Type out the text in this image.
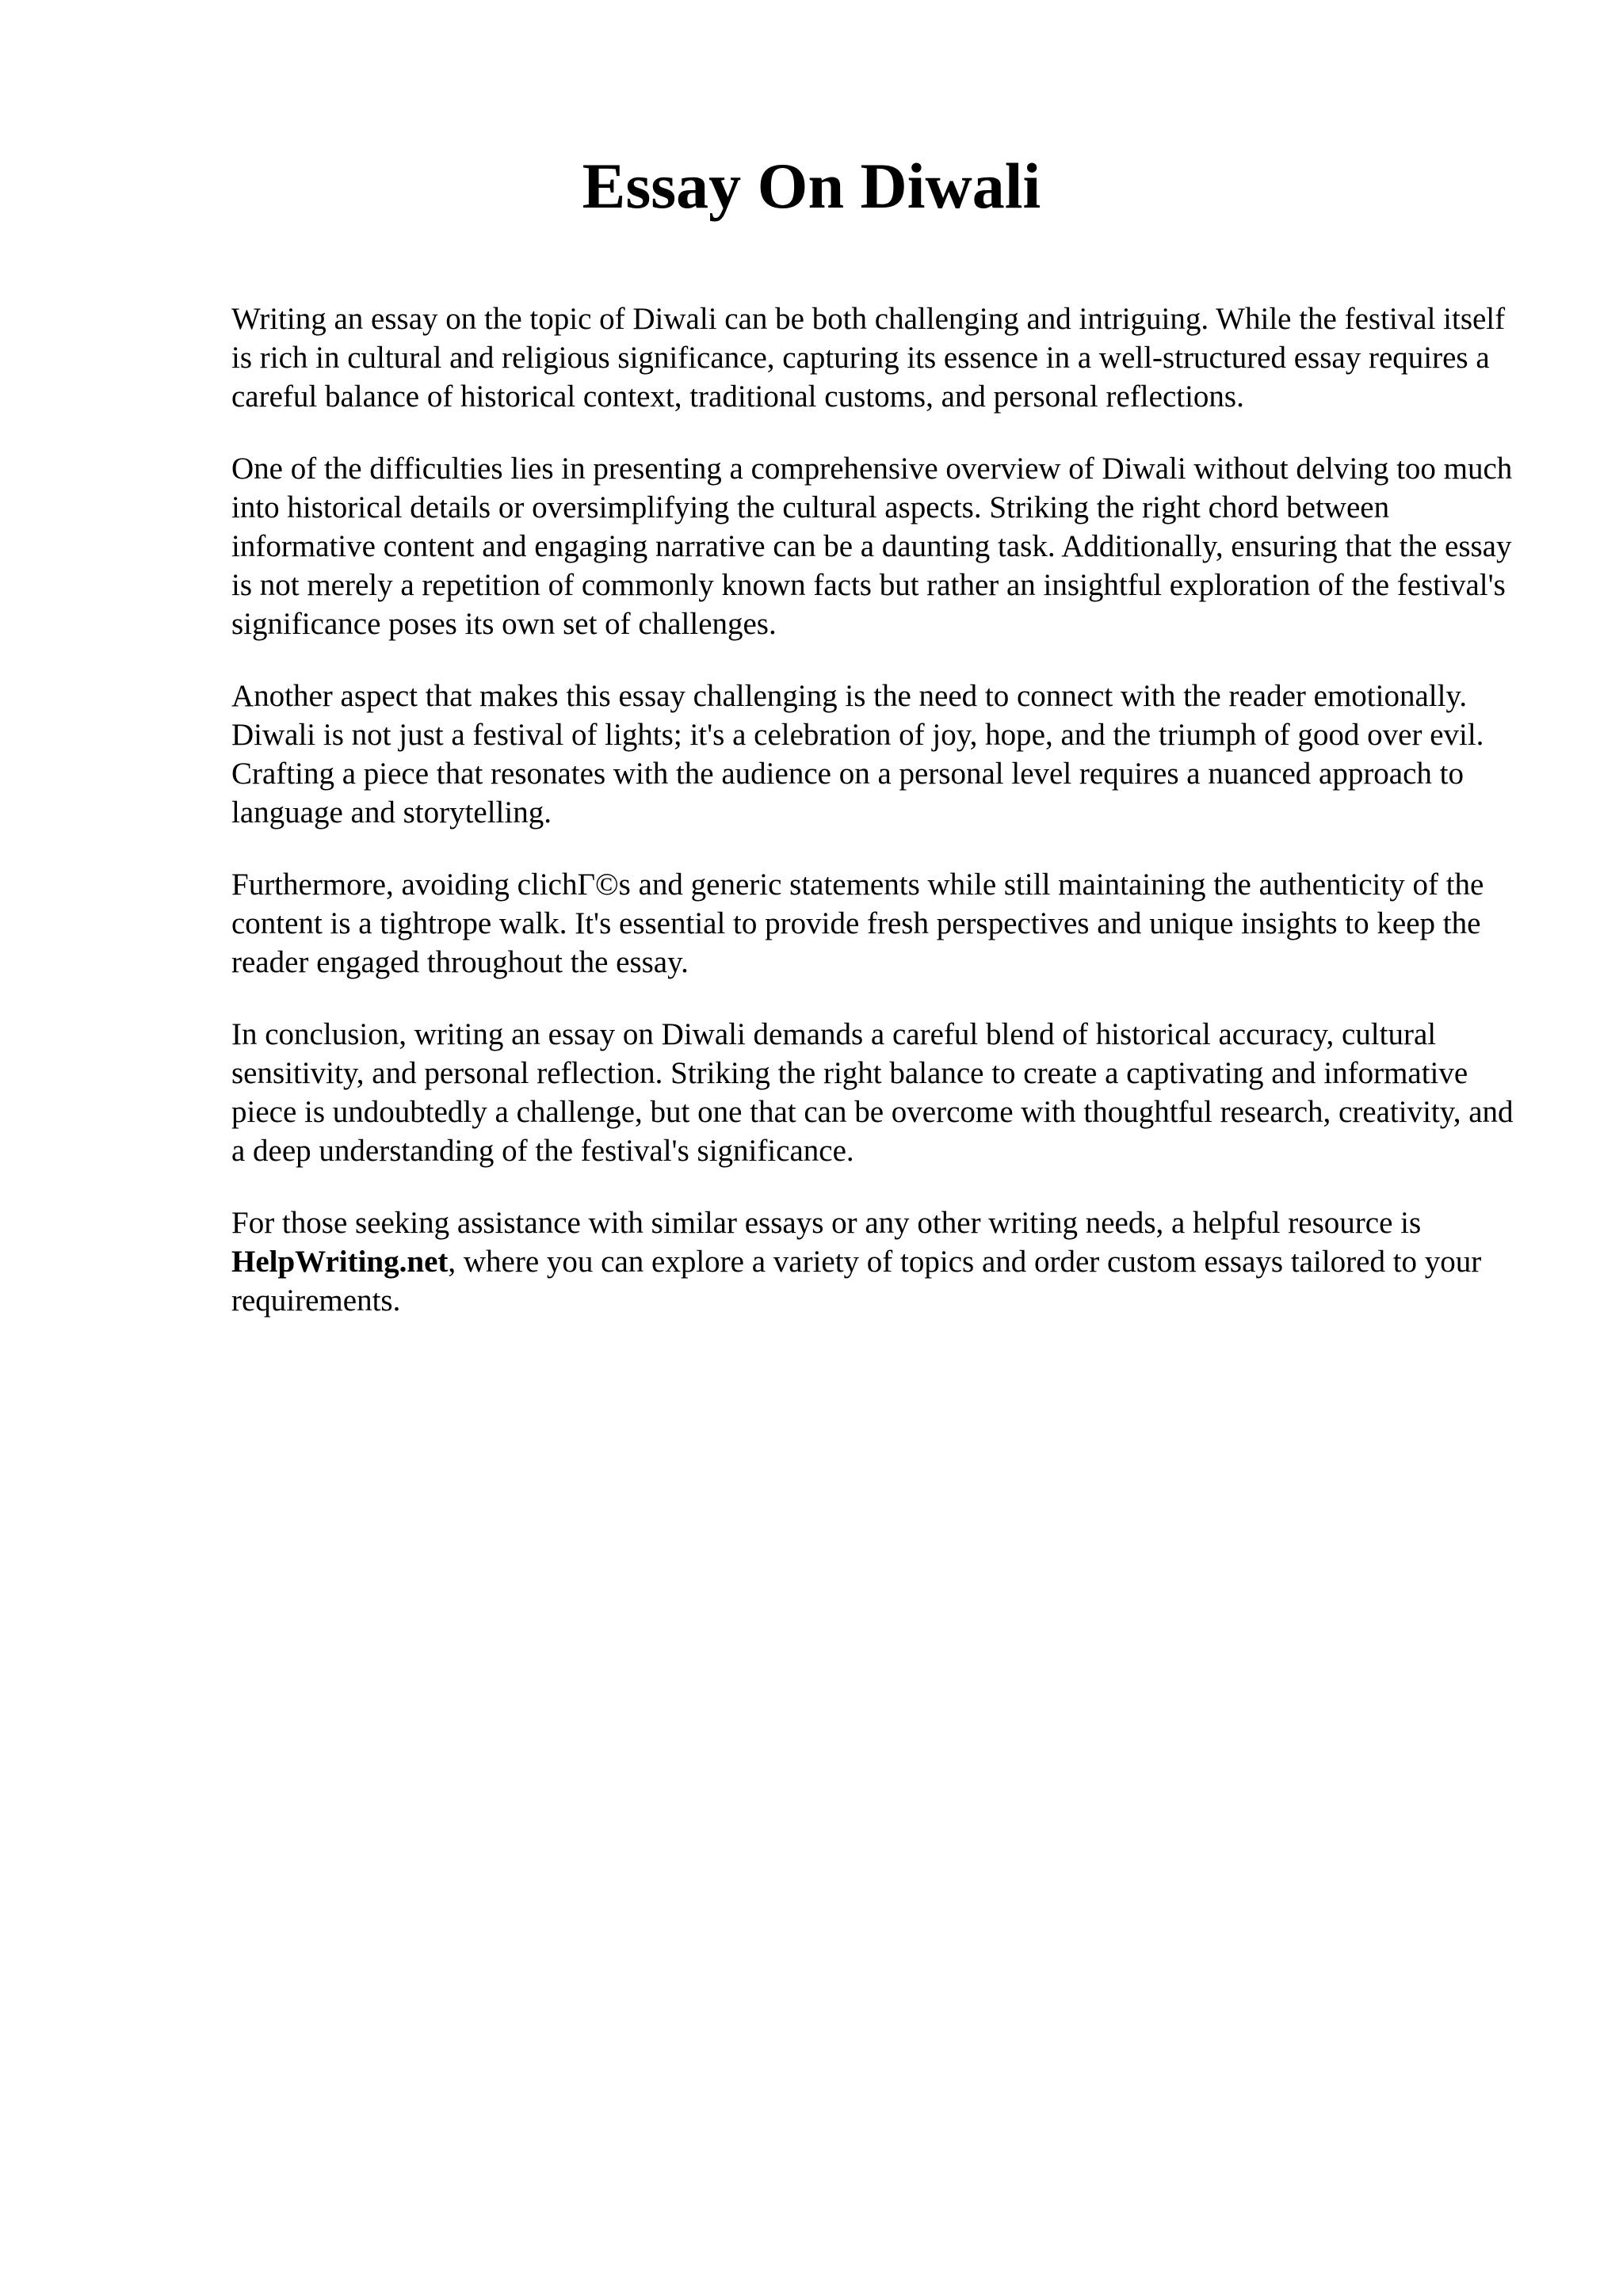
Essay On Diwali

Writing an essay on the topic of Diwali can be both challenging and intriguing. While the festival itself is rich in cultural and religious significance, capturing its essence in a well-structured essay requires a careful balance of historical context, traditional customs, and personal reflections.

One of the difficulties lies in presenting a comprehensive overview of Diwali without delving too much into historical details or oversimplifying the cultural aspects. Striking the right chord between informative content and engaging narrative can be a daunting task. Additionally, ensuring that the essay is not merely a repetition of commonly known facts but rather an insightful exploration of the festival's significance poses its own set of challenges.

Another aspect that makes this essay challenging is the need to connect with the reader emotionally. Diwali is not just a festival of lights; it's a celebration of joy, hope, and the triumph of good over evil. Crafting a piece that resonates with the audience on a personal level requires a nuanced approach to language and storytelling.

Furthermore, avoiding clichΓ©s and generic statements while still maintaining the authenticity of the content is a tightrope walk. It's essential to provide fresh perspectives and unique insights to keep the reader engaged throughout the essay.

In conclusion, writing an essay on Diwali demands a careful blend of historical accuracy, cultural sensitivity, and personal reflection. Striking the right balance to create a captivating and informative piece is undoubtedly a challenge, but one that can be overcome with thoughtful research, creativity, and a deep understanding of the festival's significance.

For those seeking assistance with similar essays or any other writing needs, a helpful resource is HelpWriting.net, where you can explore a variety of topics and order custom essays tailored to your requirements.
